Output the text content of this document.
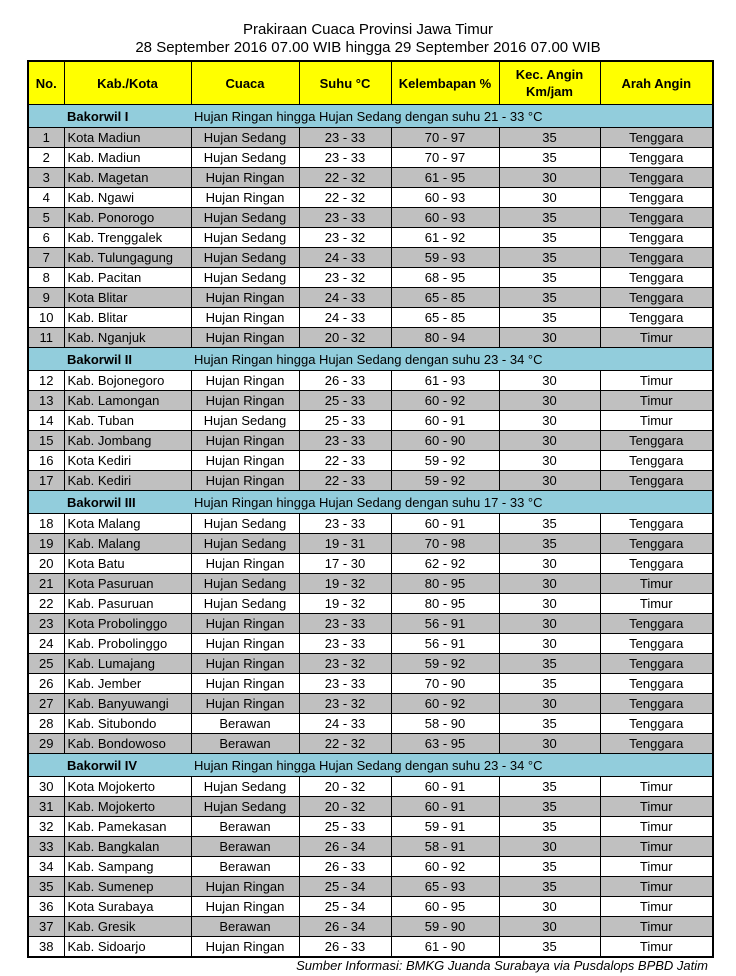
Prakiraan Cuaca Provinsi Jawa Timur
28 September 2016 07.00 WIB hingga 29 September 2016 07.00 WIB
No.	Kab./Kota	Cuaca	Suhu °C	Kelembapan %	Kec. Angin Km/jam	Arah Angin
	Bakorwil I	Hujan Ringan hingga Hujan Sedang dengan suhu 21 - 33 °C				
1	Kota Madiun	Hujan Sedang	23 - 33	70 - 97	35	Tenggara
2	Kab. Madiun	Hujan Sedang	23 - 33	70 - 97	35	Tenggara
3	Kab. Magetan	Hujan Ringan	22 - 32	61 - 95	30	Tenggara
4	Kab. Ngawi	Hujan Ringan	22 - 32	60 - 93	30	Tenggara
5	Kab. Ponorogo	Hujan Sedang	23 - 33	60 - 93	35	Tenggara
6	Kab. Trenggalek	Hujan Sedang	23 - 32	61 - 92	35	Tenggara
7	Kab. Tulungagung	Hujan Sedang	24 - 33	59 - 93	35	Tenggara
8	Kab. Pacitan	Hujan Sedang	23 - 32	68 - 95	35	Tenggara
9	Kota Blitar	Hujan Ringan	24 - 33	65 - 85	35	Tenggara
10	Kab. Blitar	Hujan Ringan	24 - 33	65 - 85	35	Tenggara
11	Kab. Nganjuk	Hujan Ringan	20 - 32	80 - 94	30	Timur
	Bakorwil II	Hujan Ringan hingga Hujan Sedang dengan suhu 23 - 34 °C				
12	Kab. Bojonegoro	Hujan Ringan	26 - 33	61 - 93	30	Timur
13	Kab. Lamongan	Hujan Ringan	25 - 33	60 - 92	30	Timur
14	Kab. Tuban	Hujan Sedang	25 - 33	60 - 91	30	Timur
15	Kab. Jombang	Hujan Ringan	23 - 33	60 - 90	30	Tenggara
16	Kota Kediri	Hujan Ringan	22 - 33	59 - 92	30	Tenggara
17	Kab. Kediri	Hujan Ringan	22 - 33	59 - 92	30	Tenggara
	Bakorwil III	Hujan Ringan hingga Hujan Sedang dengan suhu 17 - 33 °C				
18	Kota Malang	Hujan Sedang	23 - 33	60 - 91	35	Tenggara
19	Kab. Malang	Hujan Sedang	19 - 31	70 - 98	35	Tenggara
20	Kota Batu	Hujan Ringan	17 - 30	62 - 92	30	Tenggara
21	Kota Pasuruan	Hujan Sedang	19 - 32	80 - 95	30	Timur
22	Kab. Pasuruan	Hujan Sedang	19 - 32	80 - 95	30	Timur
23	Kota Probolinggo	Hujan Ringan	23 - 33	56 - 91	30	Tenggara
24	Kab. Probolinggo	Hujan Ringan	23 - 33	56 - 91	30	Tenggara
25	Kab. Lumajang	Hujan Ringan	23 - 32	59 - 92	35	Tenggara
26	Kab. Jember	Hujan Ringan	23 - 33	70 - 90	35	Tenggara
27	Kab. Banyuwangi	Hujan Ringan	23 - 32	60 - 92	30	Tenggara
28	Kab. Situbondo	Berawan	24 - 33	58 - 90	35	Tenggara
29	Kab. Bondowoso	Berawan	22 - 32	63 - 95	30	Tenggara
	Bakorwil IV	Hujan Ringan hingga Hujan Sedang dengan suhu 23 - 34 °C				
30	Kota Mojokerto	Hujan Sedang	20 - 32	60 - 91	35	Timur
31	Kab. Mojokerto	Hujan Sedang	20 - 32	60 - 91	35	Timur
32	Kab. Pamekasan	Berawan	25 - 33	59 - 91	35	Timur
33	Kab. Bangkalan	Berawan	26 - 34	58 - 91	30	Timur
34	Kab. Sampang	Berawan	26 - 33	60 - 92	35	Timur
35	Kab. Sumenep	Hujan Ringan	25 - 34	65 - 93	35	Timur
36	Kota Surabaya	Hujan Ringan	25 - 34	60 - 95	30	Timur
37	Kab. Gresik	Berawan	26 - 34	59 - 90	30	Timur
38	Kab. Sidoarjo	Hujan Ringan	26 - 33	61 - 90	35	Timur
Sumber Informasi: BMKG Juanda Surabaya via Pusdalops BPBD Jatim
